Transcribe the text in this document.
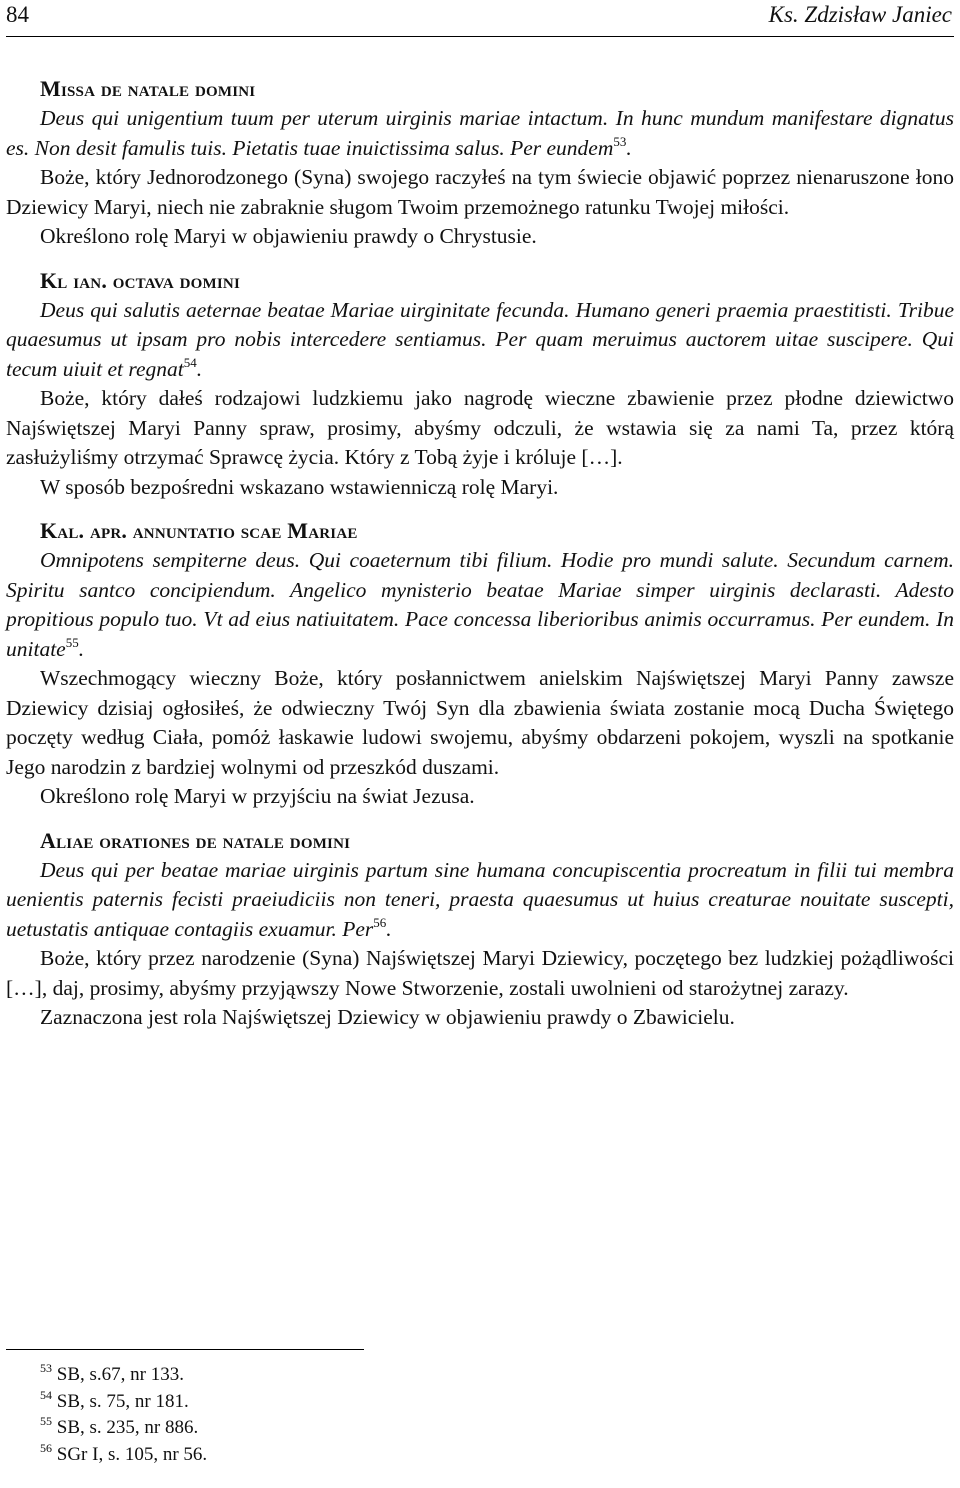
84	Ks. Zdzisław Janiec
Missa de natale domini

Deus qui unigentium tuum per uterum uirginis mariae intactum. In hunc mundum manifestare dignatus es. Non desit famulis tuis. Pietatis tuae inuictissima salus. Per eundem$^{53}$.

Boże, który Jednorodzonego (Syna) swojego raczyłeś na tym świecie objawić poprzez nienaruszone łono Dziewicy Maryi, niech nie zabraknie sługom Twoim przemożnego ratunku Twojej miłości.

Określono rolę Maryi w objawieniu prawdy o Chrystusie.

Kl ian. octava domini

Deus qui salutis aeternae beatae Mariae uirginitate fecunda. Humano generi praemia praestitisti. Tribue quaesumus ut ipsam pro nobis intercedere sentiamus. Per quam meruimus auctorem uitae suscipere. Qui tecum uiuit et regnat$^{54}$.

Boże, który dałeś rodzajowi ludzkiemu jako nagrodę wieczne zbawienie przez płodne dziewictwo Najświętszej Maryi Panny spraw, prosimy, abyśmy odczuli, że wstawia się za nami Ta, przez którą zasłużyliśmy otrzymać Sprawcę życia. Który z Tobą żyje i króluje […].

W sposób bezpośredni wskazano wstawienniczą rolę Maryi.

Kal. apr. annuntatio scae Mariae

Omnipotens sempiterne deus. Qui coaeternum tibi filium. Hodie pro mundi salute. Secundum carnem. Spiritu santco concipiendum. Angelico mynisterio beatae Mariae simper uirginis declarasti. Adesto propitious populo tuo. Vt ad eius natiuitatem. Pace concessa liberioribus animis occurramus. Per eundem. In unitate$^{55}$.

Wszechmogący wieczny Boże, który posłannictwem anielskim Najświętszej Maryi Panny zawsze Dziewicy dzisiaj ogłosiłeś, że odwieczny Twój Syn dla zbawienia świata zostanie mocą Ducha Świętego poczęty według Ciała, pomóż łaskawie ludowi swojemu, abyśmy obdarzeni pokojem, wyszli na spotkanie Jego narodzin z bardziej wolnymi od przeszkód duszami.

Określono rolę Maryi w przyjściu na świat Jezusa.

Aliae orationes de natale domini

Deus qui per beatae mariae uirginis partum sine humana concupiscentia procreatum in filii tui membra uenientis paternis fecisti praeiudiciis non teneri, praesta quaesumus ut huius creaturae nouitate suscepti, uetustatis antiquae contagiis exuamur. Per$^{56}$.

Boże, który przez narodzenie (Syna) Najświętszej Maryi Dziewicy, poczętego bez ludzkiej pożądliwości […], daj, prosimy, abyśmy przyjąwszy Nowe Stworzenie, zostali uwolnieni od starożytnej zarazy.

Zaznaczona jest rola Najświętszej Dziewicy w objawieniu prawdy o Zbawicielu.

$^{53}$ SB, s.67, nr 133.
$^{54}$ SB, s. 75, nr 181.
$^{55}$ SB, s. 235, nr 886.
$^{56}$ SGr I, s. 105, nr 56.
